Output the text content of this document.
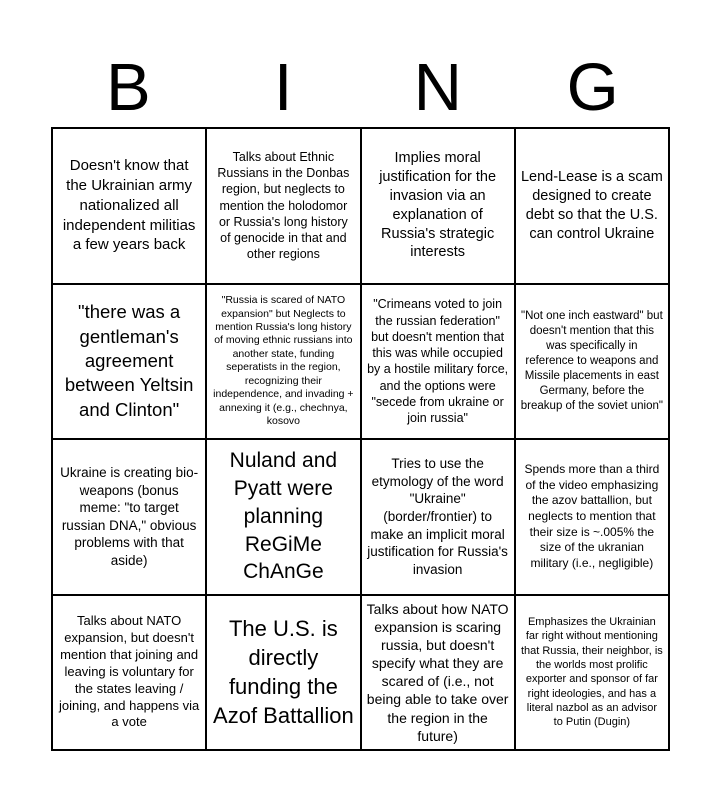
B	I	N	G
Doesn't know that the Ukrainian army nationalized all independent militias a few years back
Talks about Ethnic Russians in the Donbas region, but neglects to mention the holodomor or Russia's long history of genocide in that and other regions
Implies moral justification for the invasion via an explanation of Russia's strategic interests
Lend-Lease is a scam designed to create debt so that the U.S. can control Ukraine
"there was a gentleman's agreement between Yeltsin and Clinton"
"Russia is scared of NATO expansion" but Neglects to mention Russia's long history of moving ethnic russians into another state, funding seperatists in the region, recognizing their independence, and invading + annexing it (e.g., chechnya, kosovo
"Crimeans voted to join the russian federation" but doesn't mention that this was while occupied by a hostile military force, and the options were "secede from ukraine or join russia"
"Not one inch eastward" but doesn't mention that this was specifically in reference to weapons and Missile placements in east Germany, before the breakup of the soviet union"
Ukraine is creating bio-weapons (bonus meme: "to target russian DNA," obvious problems with that aside)
Nuland and Pyatt were planning ReGiMe ChAnGe
Tries to use the etymology of the word "Ukraine" (border/frontier) to make an implicit moral justification for Russia's invasion
Spends more than a third of the video emphasizing the azov battallion, but neglects to mention that their size is ~.005% the size of the ukranian military (i.e., negligible)
Talks about NATO expansion, but doesn't mention that joining and leaving is voluntary for the states leaving / joining, and happens via a vote
The U.S. is directly funding the Azof Battallion
Talks about how NATO expansion is scaring russia, but doesn't specify what they are scared of (i.e., not being able to take over the region in the future)
Emphasizes the Ukrainian far right without mentioning that Russia, their neighbor, is the worlds most prolific exporter and sponsor of far right ideologies, and has a literal nazbol as an advisor to Putin (Dugin)
